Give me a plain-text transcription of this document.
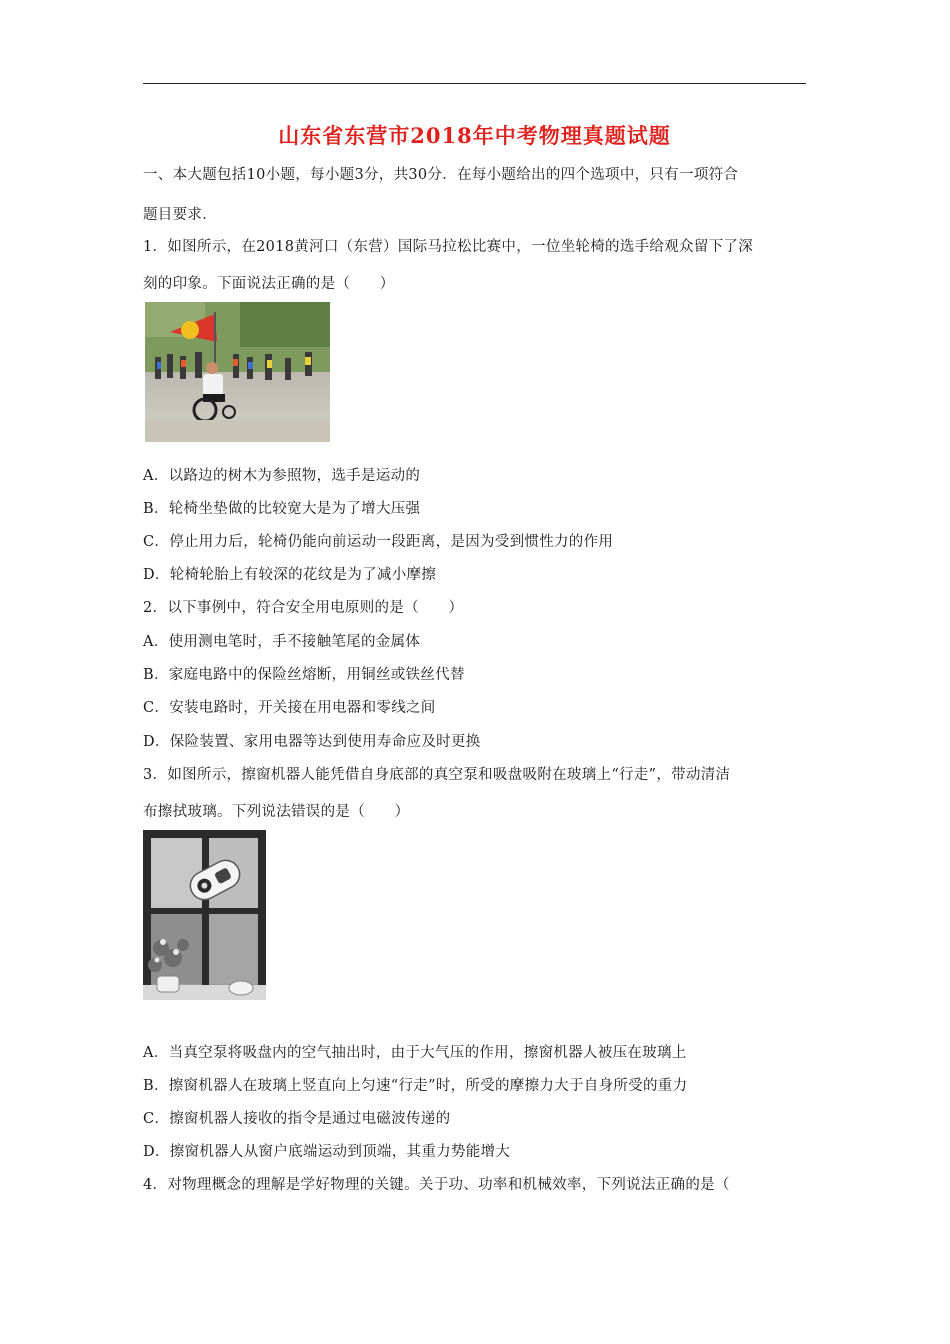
山东省东营市2018年中考物理真题试题
一、本大题包括10小题，每小题3分，共30分．在每小题给出的四个选项中，只有一项符合
题目要求．
1．如图所示，在2018黄河口（东营）国际马拉松比赛中，一位坐轮椅的选手给观众留下了深
刻的印象。下面说法正确的是（　　）
A．以路边的树木为参照物，选手是运动的
B．轮椅坐垫做的比较宽大是为了增大压强
C．停止用力后，轮椅仍能向前运动一段距离，是因为受到惯性力的作用
D．轮椅轮胎上有较深的花纹是为了减小摩擦
2．以下事例中，符合安全用电原则的是（　　）
A．使用测电笔时，手不接触笔尾的金属体
B．家庭电路中的保险丝熔断，用铜丝或铁丝代替
C．安装电路时，开关接在用电器和零线之间
D．保险装置、家用电器等达到使用寿命应及时更换
3．如图所示，擦窗机器人能凭借自身底部的真空泵和吸盘吸附在玻璃上“行走”，带动清洁
布擦拭玻璃。下列说法错误的是（　　）
A．当真空泵将吸盘内的空气抽出时，由于大气压的作用，擦窗机器人被压在玻璃上
B．擦窗机器人在玻璃上竖直向上匀速“行走”时，所受的摩擦力大于自身所受的重力
C．擦窗机器人接收的指令是通过电磁波传递的
D．擦窗机器人从窗户底端运动到顶端，其重力势能增大
4．对物理概念的理解是学好物理的关键。关于功、功率和机械效率，下列说法正确的是（
